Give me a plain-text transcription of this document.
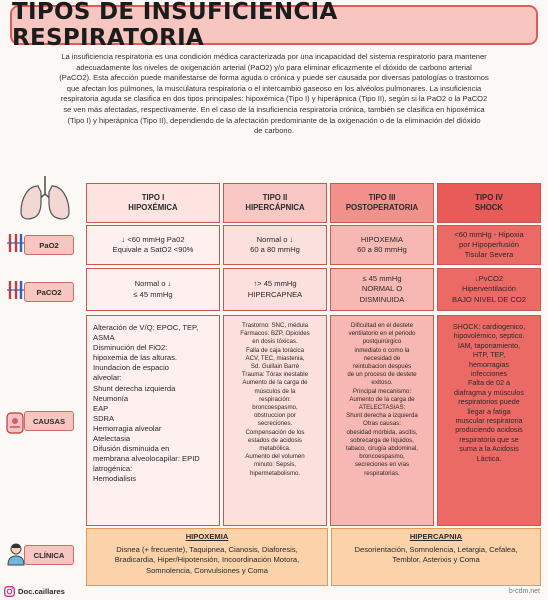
TIPOS DE INSUFICIENCIA RESPIRATORIA
La insuficiencia respiratoria es una condición médica caracterizada por una incapacidad del sistema respiratorio para mantener
adecuadamente los niveles de oxigenación arterial (PaO2) y/o para eliminar eficazmente el dióxido de carbono arterial
(PaCO2). Esta afección puede manifestarse de forma aguda o crónica y puede ser causada por diversas patologías o trastornos
que afectan los pulmones, la musculatura respiratoria o el intercambio gaseoso en los alvéolos pulmonares. La insuficiencia
respiratoria aguda se clasifica en dos tipos principales: hipoxémica (Tipo I) y hiperápnica (Tipo II), según si la PaO2 o la PaCO2
se ven más afectadas, respectivamente. En el caso de la insuficiencia respiratoria crónica, también se clasifica en hipoxémica
(Tipo I) y hiperápnica (Tipo II), dependiendo de la afectación predominante de la oxigenación o de la eliminación del dióxido
de carbono.
TIPO I
HIPOXÉMICA
TIPO II
HIPERCÁPNICA
TIPO III
POSTOPERATORIA
TIPO IV
SHOCK
PaO2
↓ <60 mmHg Pa02
Equivale a SatO2 <90%
Normal o ↓
60 a 80 mmHg
HIPOXEMIA
60 a 80 mmHg
<60 mmHg - Hipoxia
por Hipoperfusión
Tisular Severa
PaCO2
Normal o ↓
≤ 45 mmHg
↑> 45 mmHg
HIPERCAPNEA
≤ 45 mmHg
NORMAL O
DISMINUIDA
↓PvCO2
Hiperventilación
BAJO NIVEL DE CO2
CAUSAS
Alteración de V/Q: EPOC, TEP,
ASMA
Disminución del FiO2:
hipoxemia de las alturas.
Inundacion de espacio
alveolar:
Shunt derecha izquierda
Neumonía
EAP
SDRA
Hemorragia alveolar
Atelectasia
Difusión disminuida en
membrana alveolocapilar: EPID
latrogénica:
Hemodialisis
Trastorno: SNC, médula
Fármacos: BZP, Opioides
en dosis tóxicas.
Falla de caja torácica
ACV, TEC, miastenia,
Sd. Guillain Barré
Trauma: Tórax inestable
Aumento de la carga de
músculos de la
respiración:
broncoespasmo,
obstruccion por
secreciones.
Compensación de los
estados de acidosis
metabólica.
Aumento del volumen
minuto: Sepsis,
hipermetabolismo.
Dificultad en el destete
ventilatorio en el periodo
postquirúrgico
inmediato o como la
necesidad de
reintubacion después
de un proceso de destete
exitoso.
Principal mecanismo:
Aumento de la carga de
ATELECTASIAS:
Shunt derecha a izquierda
Otras causas:
obesidad mórbida, ascitis,
sobrecarga de líquidos,
tabaco, cirugía abdominal,
broncoespasmo,
secreciones en vías
respiratorias.
SHOCK: cardiogenico,
hipovolémico, septico.
IAM, taponamiento,
HTP, TEP,
hemorragias
infecciones
Falta de 02 a
diafragma y músculos
respiratorios puede
llegar a fatiga
muscular respiratoria
produciendo acidosis
respiratoria que se
suma a la Acidosis
Láctica.
CLÍNICA
HIPOXEMIA
Disnea (+ frecuente), Taquipnea, Cianosis, Diaforesis,
Bradicardia, Hiper/Hipotensión, Incoordinación Motora,
Somnolencia, Convulsiones y Coma
HIPERCAPNIA
Desorientación, Somnolencia, Letargia, Cefalea,
Temblor, Asterixis y Coma
Doc.caillares	b-cdm.net
